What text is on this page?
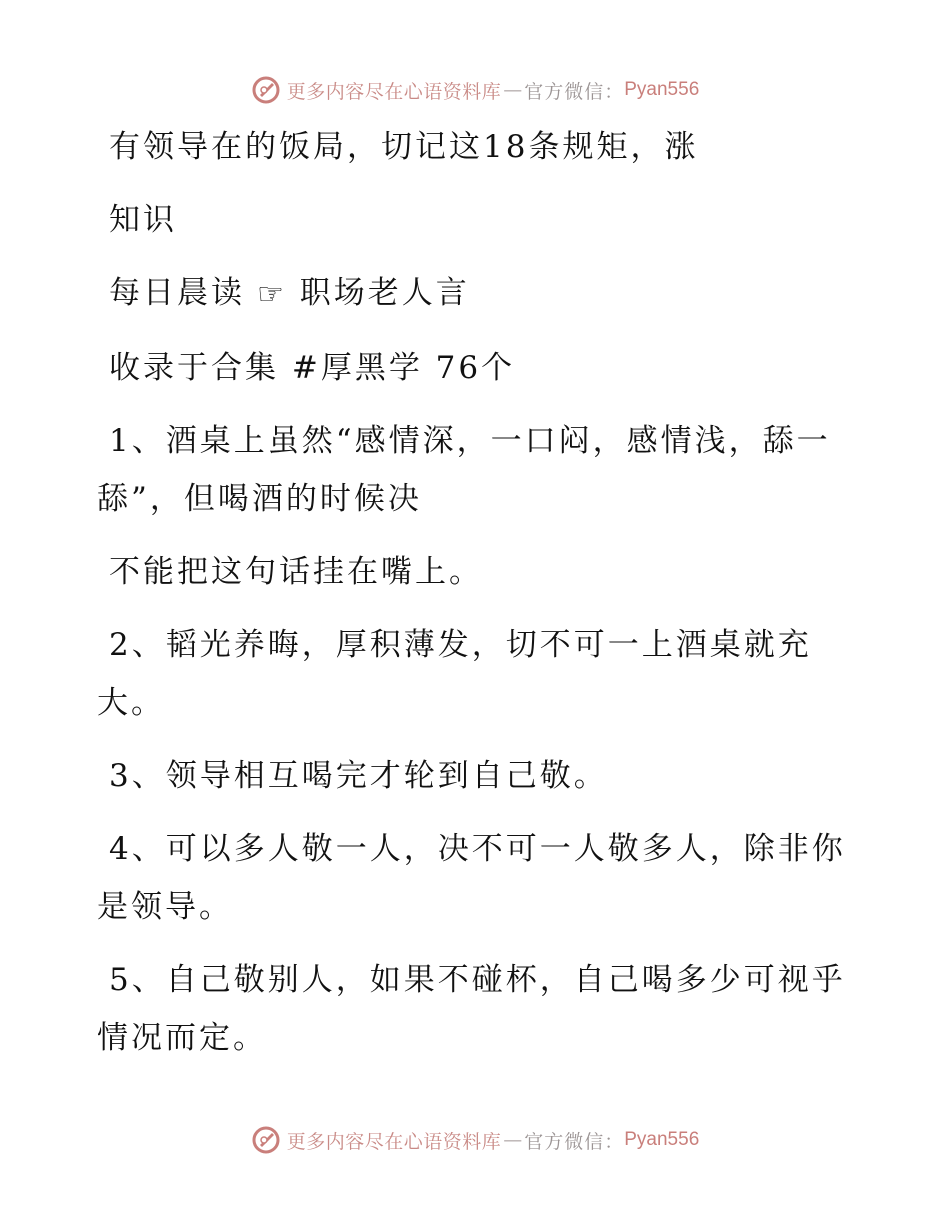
更多内容尽在心语资料库 — 官方微信： Pyan556

有领导在的饭局，切记这18条规矩，涨

知识

每日晨读 ☞ 职场老人言

收录于合集 #厚黑学 76个

1、酒桌上虽然“感情深，一口闷，感情浅，舔一舔”，但喝酒的时候决

不能把这句话挂在嘴上。

2、韬光养晦，厚积薄发，切不可一上酒桌就充大。

3、领导相互喝完才轮到自己敬。

4、可以多人敬一人，决不可一人敬多人，除非你是领导。

5、自己敬别人，如果不碰杯，自己喝多少可视乎情况而定。

更多内容尽在心语资料库 — 官方微信： Pyan556
